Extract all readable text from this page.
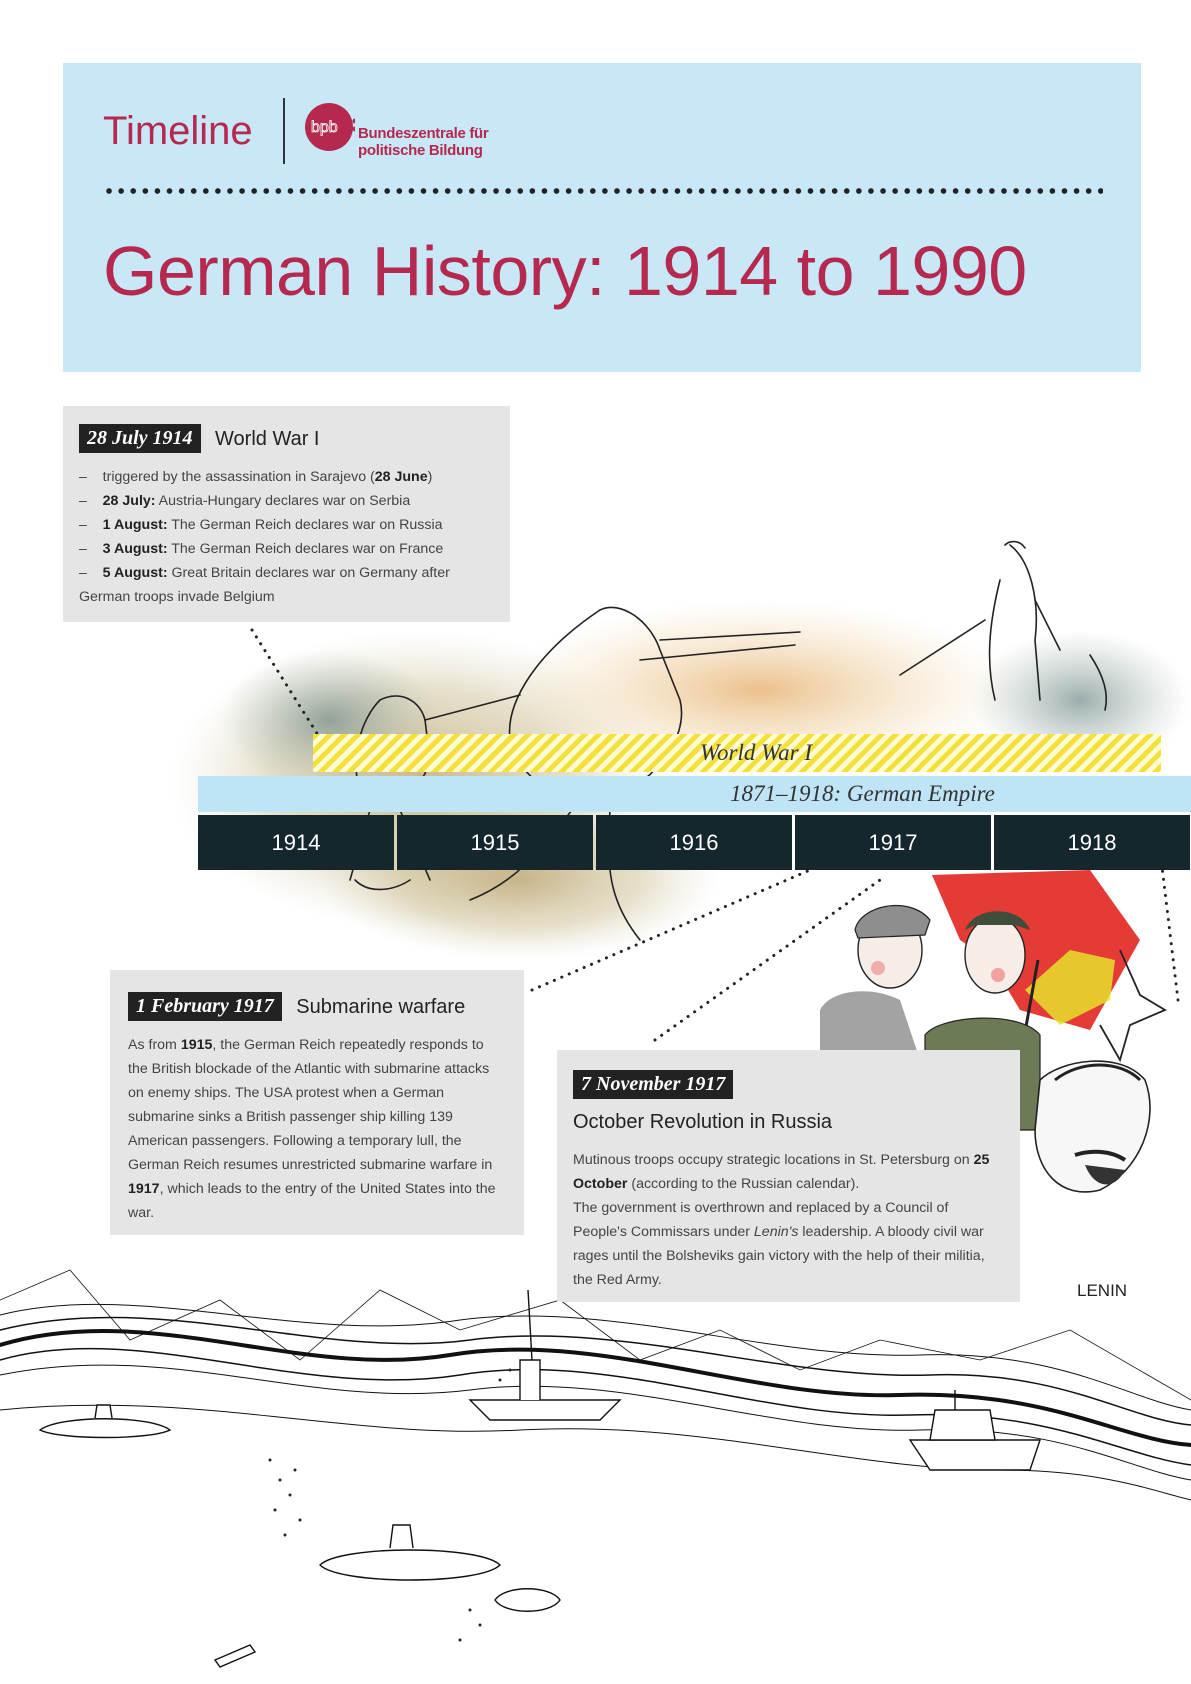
Timeline	bpb Bundeszentrale für
politische Bildung
German History: 1914 to 1990
LENIN
World War I
1871–1918: German Empire
1914	1915	1916	1917	1918
28 July 1914 World War I
– triggered by the assassination in Sarajevo (28 June)
– 28 July: Austria-Hungary declares war on Serbia
– 1 August: The German Reich declares war on Russia
– 3 August: The German Reich declares war on France
– 5 August: Great Britain declares war on Germany after
German troops invade Belgium
1 February 1917 Submarine warfare

As from 1915, the German Reich repeatedly responds to the British blockade of the Atlantic with submarine attacks on enemy ships. The USA protest when a German submarine sinks a British passenger ship killing 139 American passengers. Following a temporary lull, the German Reich resumes unrestricted submarine warfare in 1917, which leads to the entry of the United States into the war.

7 November 1917
October Revolution in Russia

Mutinous troops occupy strategic locations in St. Petersburg on 25 October (according to the Russian calendar).
The government is overthrown and replaced by a Council of People's Commissars under Lenin's leadership. A bloody civil war rages until the Bolsheviks gain victory with the help of their militia, the Red Army.
